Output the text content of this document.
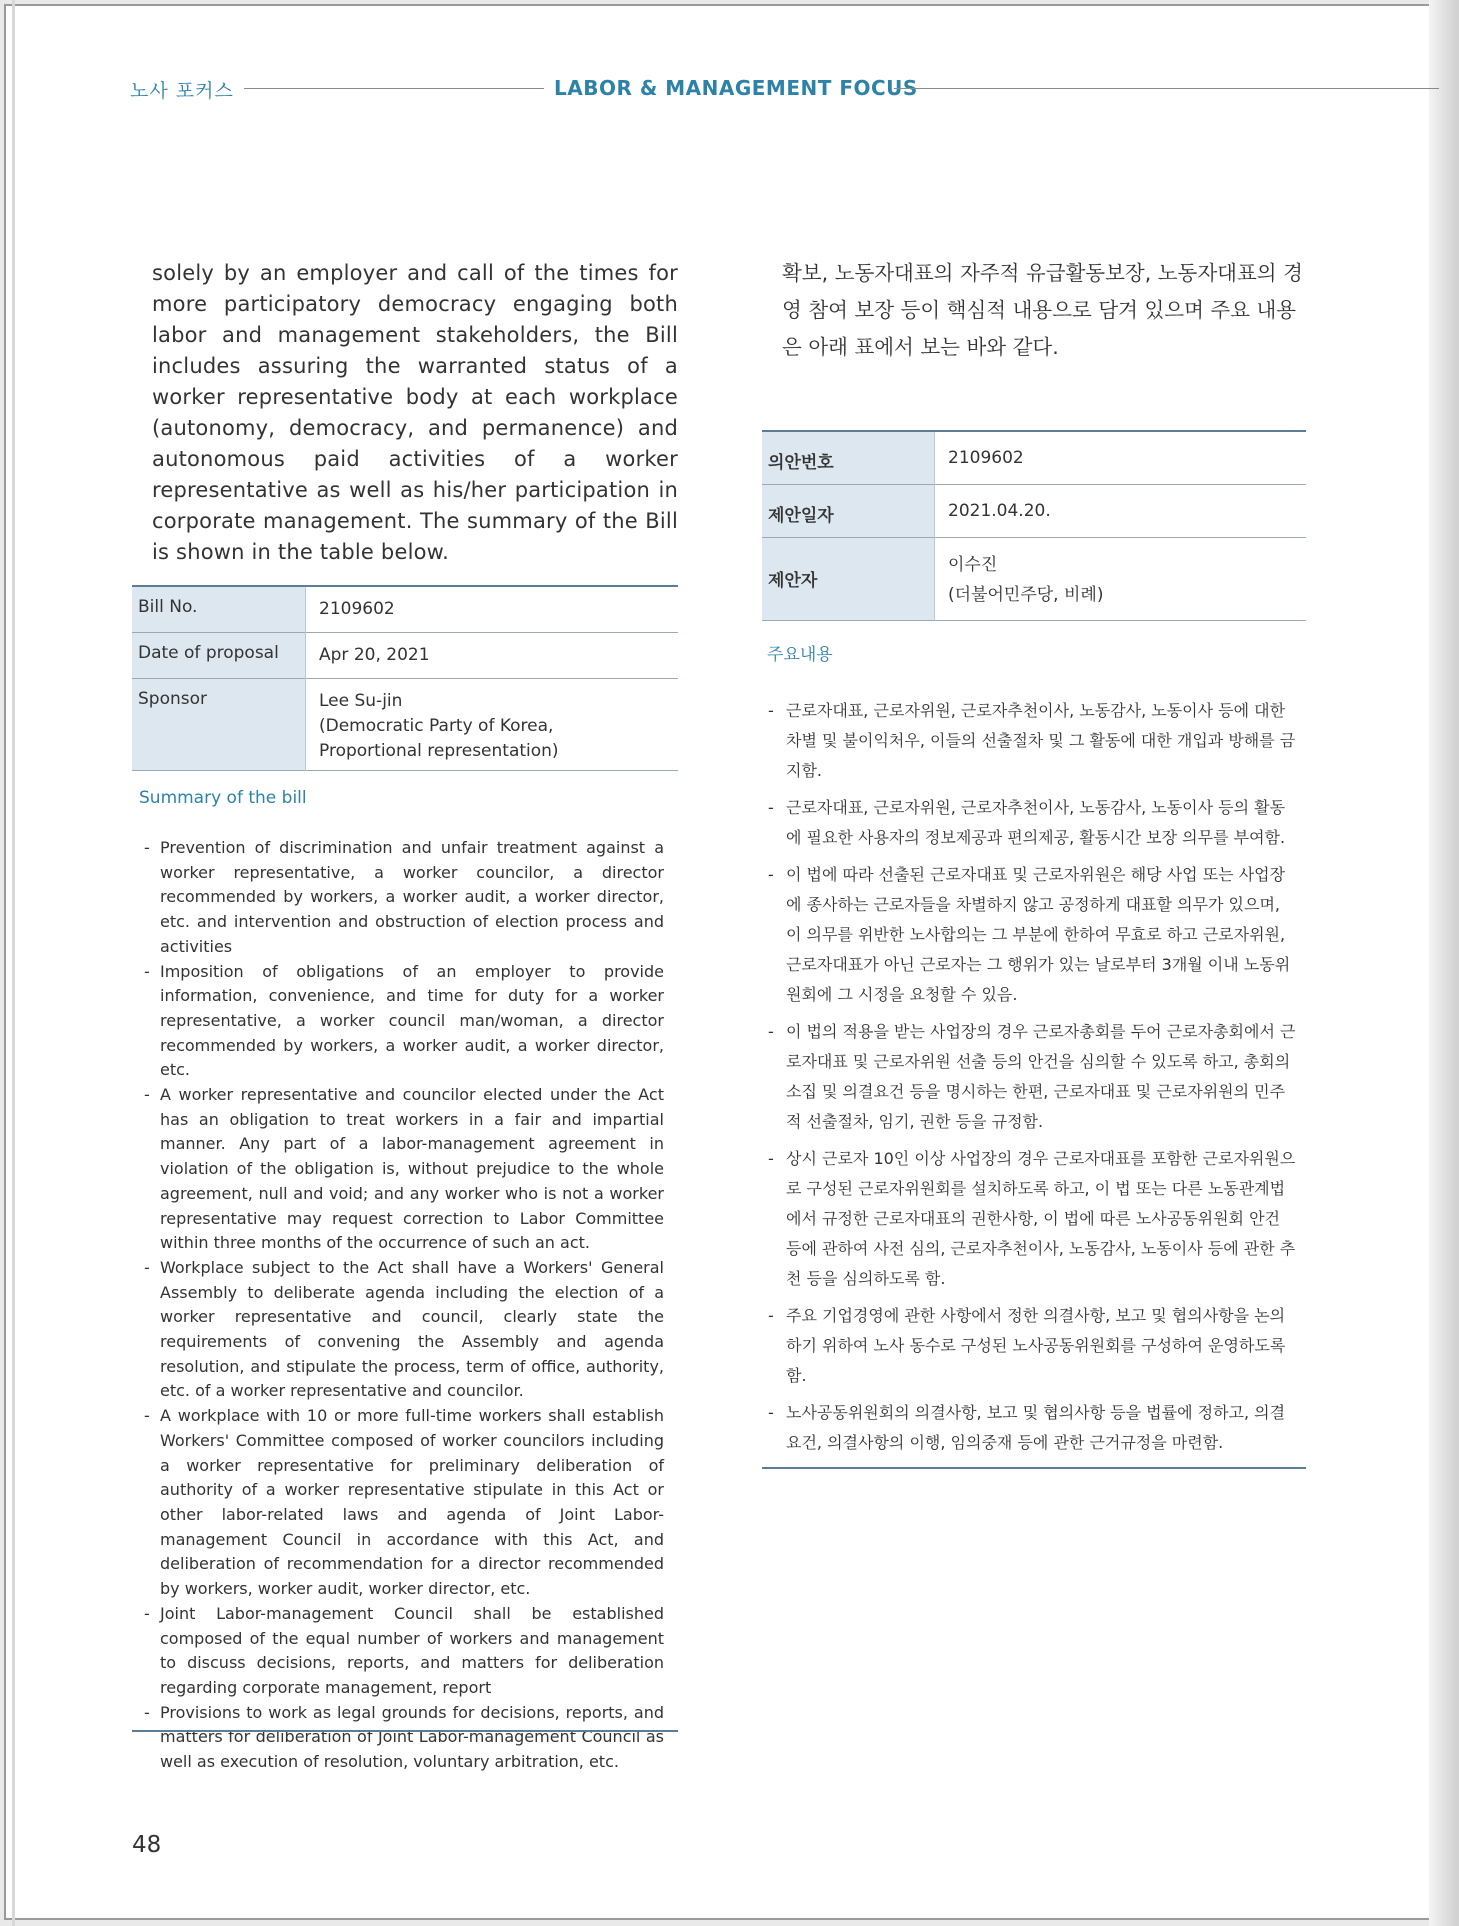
노사 포커스	LABOR & MANAGEMENT FOCUS
solely by an employer and call of the times for more participatory democracy engaging both labor and management stakeholders, the Bill includes assuring the warranted status of a worker representative body at each workplace (autonomy, democracy, and permanence) and autonomous paid activities of a worker representative as well as his/her participation in corporate management. The summary of the Bill is shown in the table below.
확보, 노동자대표의 자주적 유급활동보장, 노동자대표의 경영 참여 보장 등이 핵심적 내용으로 담겨 있으며 주요 내용은 아래 표에서 보는 바와 같다.
Bill No.	2109602
Date of proposal	Apr 20, 2021
Sponsor	Lee Su-jin
(Democratic Party of Korea, Proportional representation)
Summary of the bill
- Prevention of discrimination and unfair treatment against a worker representative, a worker councilor, a director recommended by workers, a worker audit, a worker director, etc. and intervention and obstruction of election process and activities
- Imposition of obligations of an employer to provide information, convenience, and time for duty for a worker representative, a worker council man/woman, a director recommended by workers, a worker audit, a worker director, etc.
- A worker representative and councilor elected under the Act has an obligation to treat workers in a fair and impartial manner. Any part of a labor-management agreement in violation of the obligation is, without prejudice to the whole agreement, null and void; and any worker who is not a worker representative may request correction to Labor Committee within three months of the occurrence of such an act.
- Workplace subject to the Act shall have a Workers' General Assembly to deliberate agenda including the election of a worker representative and council, clearly state the requirements of convening the Assembly and agenda resolution, and stipulate the process, term of office, authority, etc. of a worker representative and councilor.
- A workplace with 10 or more full-time workers shall establish Workers' Committee composed of worker councilors including a worker representative for preliminary deliberation of authority of a worker representative stipulate in this Act or other labor-related laws and agenda of Joint Labor-management Council in accordance with this Act, and deliberation of recommendation for a director recommended by workers, worker audit, worker director, etc.
- Joint Labor-management Council shall be established composed of the equal number of workers and management to discuss decisions, reports, and matters for deliberation regarding corporate management, report
- Provisions to work as legal grounds for decisions, reports, and matters for deliberation of Joint Labor-management Council as well as execution of resolution, voluntary arbitration, etc.
의안번호	2109602
제안일자	2021.04.20.
제안자	이수진
(더불어민주당, 비례)
주요내용
- 근로자대표, 근로자위원, 근로자추천이사, 노동감사, 노동이사 등에 대한 차별 및 불이익처우, 이들의 선출절차 및 그 활동에 대한 개입과 방해를 금지함.
- 근로자대표, 근로자위원, 근로자추천이사, 노동감사, 노동이사 등의 활동에 필요한 사용자의 정보제공과 편의제공, 활동시간 보장 의무를 부여함.
- 이 법에 따라 선출된 근로자대표 및 근로자위원은 해당 사업 또는 사업장에 종사하는 근로자들을 차별하지 않고 공정하게 대표할 의무가 있으며, 이 의무를 위반한 노사합의는 그 부분에 한하여 무효로 하고 근로자위원, 근로자대표가 아닌 근로자는 그 행위가 있는 날로부터 3개월 이내 노동위원회에 그 시정을 요청할 수 있음.
- 이 법의 적용을 받는 사업장의 경우 근로자총회를 두어 근로자총회에서 근로자대표 및 근로자위원 선출 등의 안건을 심의할 수 있도록 하고, 총회의 소집 및 의결요건 등을 명시하는 한편, 근로자대표 및 근로자위원의 민주적 선출절차, 임기, 권한 등을 규정함.
- 상시 근로자 10인 이상 사업장의 경우 근로자대표를 포함한 근로자위원으로 구성된 근로자위원회를 설치하도록 하고, 이 법 또는 다른 노동관계법에서 규정한 근로자대표의 권한사항, 이 법에 따른 노사공동위원회 안건 등에 관하여 사전 심의, 근로자추천이사, 노동감사, 노동이사 등에 관한 추천 등을 심의하도록 함.
- 주요 기업경영에 관한 사항에서 정한 의결사항, 보고 및 협의사항을 논의하기 위하여 노사 동수로 구성된 노사공동위원회를 구성하여 운영하도록 함.
- 노사공동위원회의 의결사항, 보고 및 협의사항 등을 법률에 정하고, 의결요건, 의결사항의 이행, 임의중재 등에 관한 근거규정을 마련함.
48
